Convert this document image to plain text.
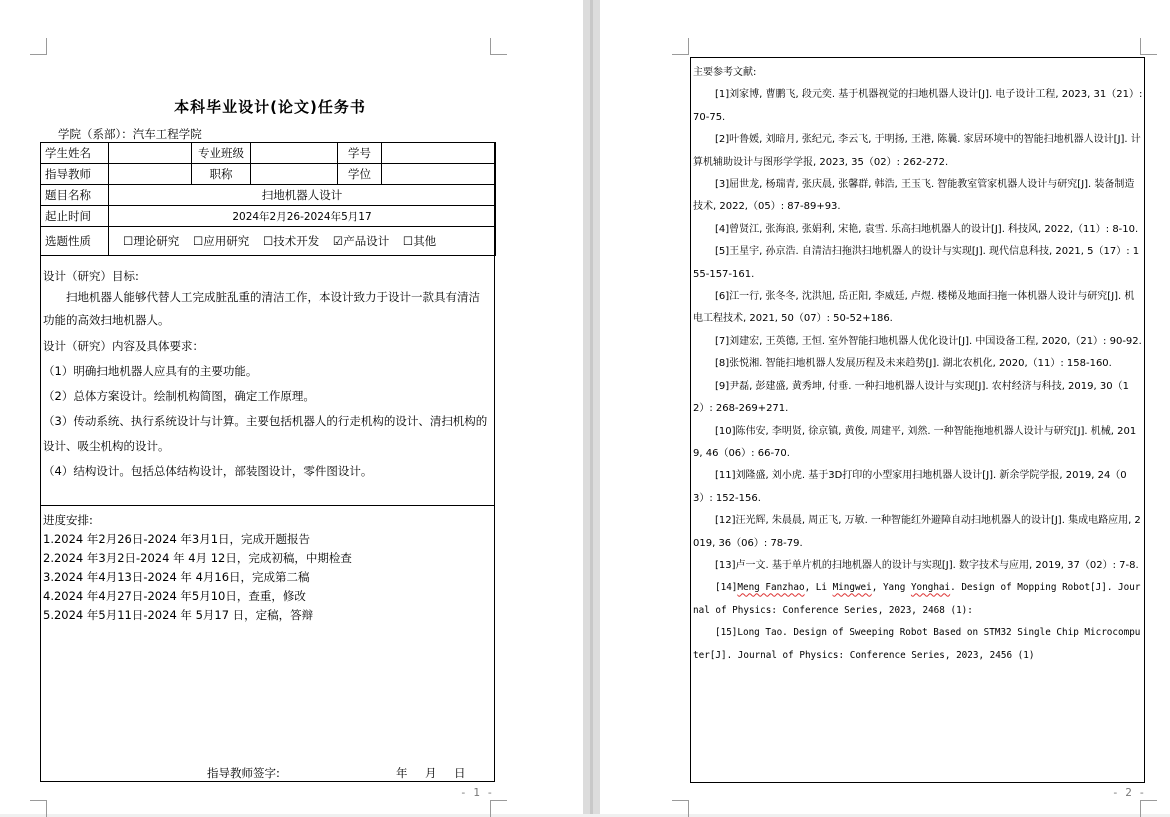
本科毕业设计(论文)任务书
学院（系部）：汽车工程学院
学生姓名		专业班级		学号	
指导教师		职称		学位	
题目名称	扫地机器人设计				
起止时间	2024年2月26-2024年5月17				
选题性质	☐理论研究 ☐应用研究 ☐技术开发 ☑产品设计 ☐其他				
设计（研究）目标:
扫地机器人能够代替人工完成脏乱重的清洁工作，本设计致力于设计一款具有清洁
功能的高效扫地机器人。
设计（研究）内容及具体要求：
（1）明确扫地机器人应具有的主要功能。
（2）总体方案设计。绘制机构简图，确定工作原理。
（3）传动系统、执行系统设计与计算。主要包括机器人的行走机构的设计、清扫机构的
设计、吸尘机构的设计。
（4）结构设计。包括总体结构设计，部装图设计，零件图设计。
进度安排:
1.2024 年2月26日-2024 年3月1日，完成开题报告
2.2024 年3月2日-2024 年 4月 12日，完成初稿，中期检查
3.2024 年4月13日-2024 年 4月16日，完成第二稿
4.2024 年4月27日-2024 年5月10日，查重，修改
5.2024 年5月11日-2024 年 5月17 日，定稿，答辩
指导教师签字:	年 月 日
- 1 -

主要参考文献:

[1]刘家博, 曹鹏飞, 段元奕. 基于机器视觉的扫地机器人设计[J]. 电子设计工程, 2023, 31（21）: 70-75.

[2]叶鲁媛, 刘暗月, 张纪元, 李云飞, 于明扬, 王港, 陈曩. 家居环境中的智能扫地机器人设计[J]. 计算机辅助设计与图形学学报, 2023, 35（02）: 262-272.

[3]屈世龙, 杨瑞青, 张庆晨, 张馨群, 韩浩, 王玉飞. 智能教室管家机器人设计与研究[J]. 装备制造技术, 2022,（05）: 87-89+93.

[4]曾贤江, 张海浪, 张娟利, 宋艳, 袁雪. 乐高扫地机器人的设计[J]. 科技风, 2022,（11）: 8-10.

[5]王星宇, 孙京浩. 自清洁扫拖洪扫地机器人的设计与实现[J]. 现代信息科技, 2021, 5（17）: 155-157-161.

[6]江一行, 张冬冬, 沈洪旭, 岳正阳, 李威廷, 卢煜. 楼梯及地面扫拖一体机器人设计与研究[J]. 机电工程技术, 2021, 50（07）: 50-52+186.

[7]刘建宏, 王英德, 王恒. 室外智能扫地机器人优化设计[J]. 中国设备工程, 2020,（21）: 90-92.

[8]张悦湘. 智能扫地机器人发展历程及未来趋势[J]. 湖北农机化, 2020,（11）: 158-160.

[9]尹磊, 彭建盛, 黄秀坤, 付垂. 一种扫地机器人设计与实现[J]. 农村经济与科技, 2019, 30（12）: 268-269+271.

[10]陈伟安, 李明贤, 徐京镇, 黄俊, 周建平, 刘然. 一种智能拖地机器人设计与研究[J]. 机械, 2019, 46（06）: 66-70.

[11]刘隆盛, 刘小虎. 基于3D打印的小型家用扫地机器人设计[J]. 新余学院学报, 2019, 24（03）: 152-156.

[12]汪光辉, 朱晨晨, 周正飞, 万敏. 一种智能红外避障自动扫地机器人的设计[J]. 集成电路应用, 2019, 36（06）: 78-79.

[13]卢一文. 基于单片机的扫地机器人的设计与实现[J]. 数字技术与应用, 2019, 37（02）: 7-8.

[14]Meng Fanzhao, Li Mingwei, Yang Yonghai. Design of Mopping Robot[J]. Journal of Physics: Conference Series, 2023, 2468 (1):

[15]Long Tao. Design of Sweeping Robot Based on STM32 Single Chip Microcomputer[J]. Journal of Physics: Conference Series, 2023, 2456 (1)

- 2 -
